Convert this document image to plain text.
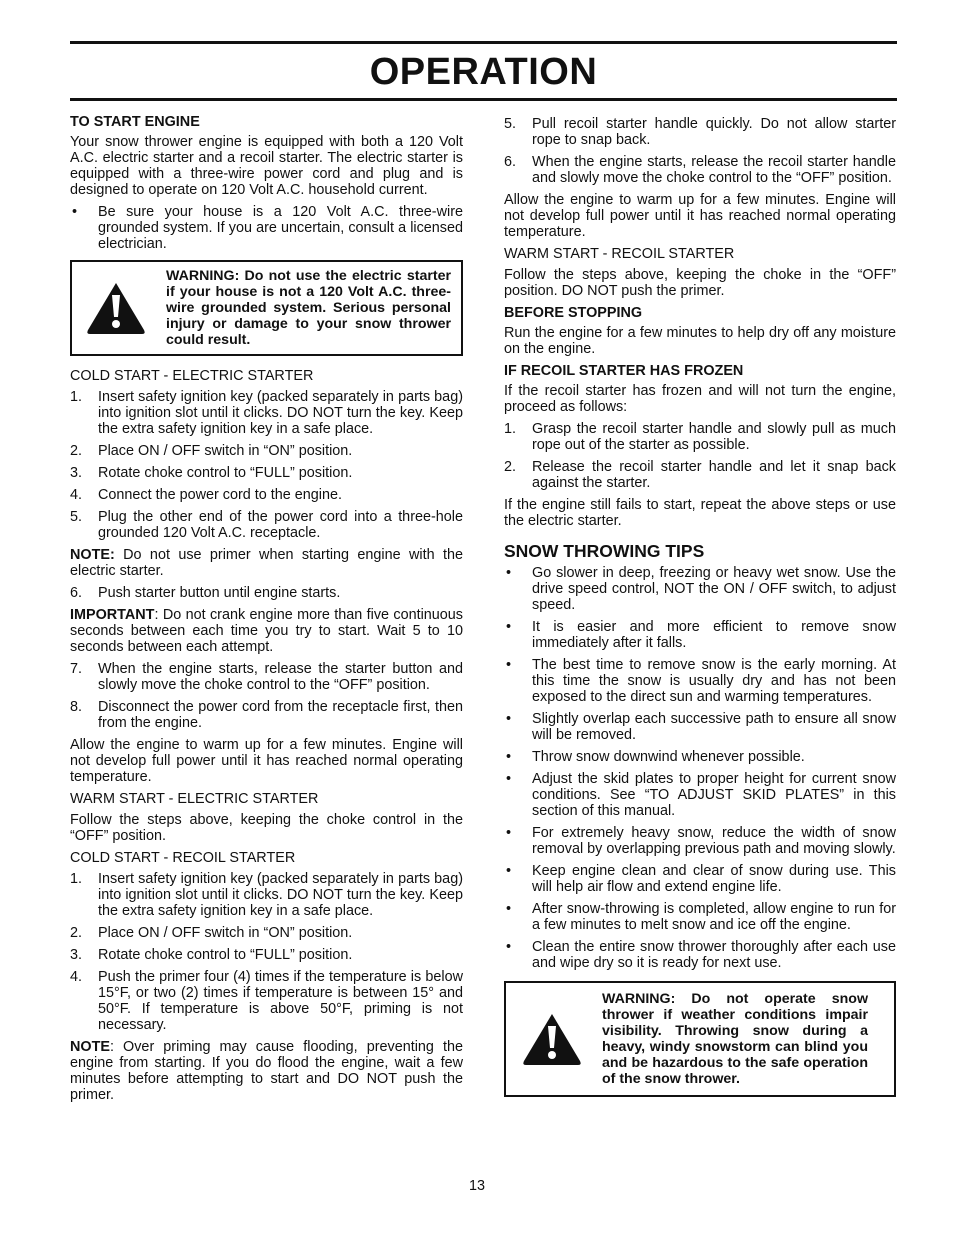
OPERATION
TO START ENGINE
Your snow thrower engine is equipped with both a 120 Volt A.C. electric starter and a recoil starter. The electric starter is equipped with a three-wire power cord and plug and is designed to operate on 120 Volt A.C. household current.
• Be sure your house is a 120 Volt A.C. three-wire grounded system. If you are uncertain, consult a licensed electrician.
WARNING: Do not use the electric starter if your house is not a 120 Volt A.C. three-wire grounded system. Serious personal injury or damage to your snow thrower could result.
COLD START - ELECTRIC STARTER
1. Insert safety ignition key (packed separately in parts bag) into ignition slot until it clicks. DO NOT turn the key. Keep the extra safety ignition key in a safe place.
2. Place ON / OFF switch in “ON” position.
3. Rotate choke control to “FULL” position.
4. Connect the power cord to the engine.
5. Plug the other end of the power cord into a three-hole grounded 120 Volt A.C. receptacle.
NOTE: Do not use primer when starting engine with the electric starter.
6. Push starter button until engine starts.
IMPORTANT: Do not crank engine more than five continuous seconds between each time you try to start. Wait 5 to 10 seconds between each attempt.
7. When the engine starts, release the starter button and slowly move the choke control to the “OFF” position.
8. Disconnect the power cord from the receptacle first, then from the engine.
Allow the engine to warm up for a few minutes. Engine will not develop full power until it has reached normal operating temperature.
WARM START - ELECTRIC STARTER
Follow the steps above, keeping the choke control in the “OFF” position.
COLD START - RECOIL STARTER
1. Insert safety ignition key (packed separately in parts bag) into ignition slot until it clicks. DO NOT turn the key. Keep the extra safety ignition key in a safe place.
2. Place ON / OFF switch in “ON” position.
3. Rotate choke control to “FULL” position.
4. Push the primer four (4) times if the temperature is below 15°F, or two (2) times if temperature is between 15° and 50°F. If temperature is above 50°F, priming is not necessary.
NOTE: Over priming may cause flooding, preventing the engine from starting. If you do flood the engine, wait a few minutes before attempting to start and DO NOT push the primer.
5. Pull recoil starter handle quickly. Do not allow starter rope to snap back.
6. When the engine starts, release the recoil starter handle and slowly move the choke control to the “OFF” position.
Allow the engine to warm up for a few minutes. Engine will not develop full power until it has reached normal operating temperature.
WARM START - RECOIL STARTER
Follow the steps above, keeping the choke in the “OFF” position. DO NOT push the primer.
BEFORE STOPPING
Run the engine for a few minutes to help dry off any moisture on the engine.
IF RECOIL STARTER HAS FROZEN
If the recoil starter has frozen and will not turn the engine, proceed as follows:
1. Grasp the recoil starter handle and slowly pull as much rope out of the starter as possible.
2. Release the recoil starter handle and let it snap back against the starter.
If the engine still fails to start, repeat the above steps or use the electric starter.
SNOW THROWING TIPS
• Go slower in deep, freezing or heavy wet snow. Use the drive speed control, NOT the ON / OFF switch, to adjust speed.
• It is easier and more efficient to remove snow immediately after it falls.
• The best time to remove snow is the early morning. At this time the snow is usually dry and has not been exposed to the direct sun and warming temperatures.
• Slightly overlap each successive path to ensure all snow will be removed.
• Throw snow downwind whenever possible.
• Adjust the skid plates to proper height for current snow conditions. See “TO ADJUST SKID PLATES” in this section of this manual.
• For extremely heavy snow, reduce the width of snow removal by overlapping previous path and moving slowly.
• Keep engine clean and clear of snow during use. This will help air flow and extend engine life.
• After snow-throwing is completed, allow engine to run for a few minutes to melt snow and ice off the engine.
• Clean the entire snow thrower thoroughly after each use and wipe dry so it is ready for next use.
WARNING: Do not operate snow thrower if weather conditions impair visibility. Throwing snow during a heavy, windy snowstorm can blind you and be hazardous to the safe operation of the snow thrower.
13
